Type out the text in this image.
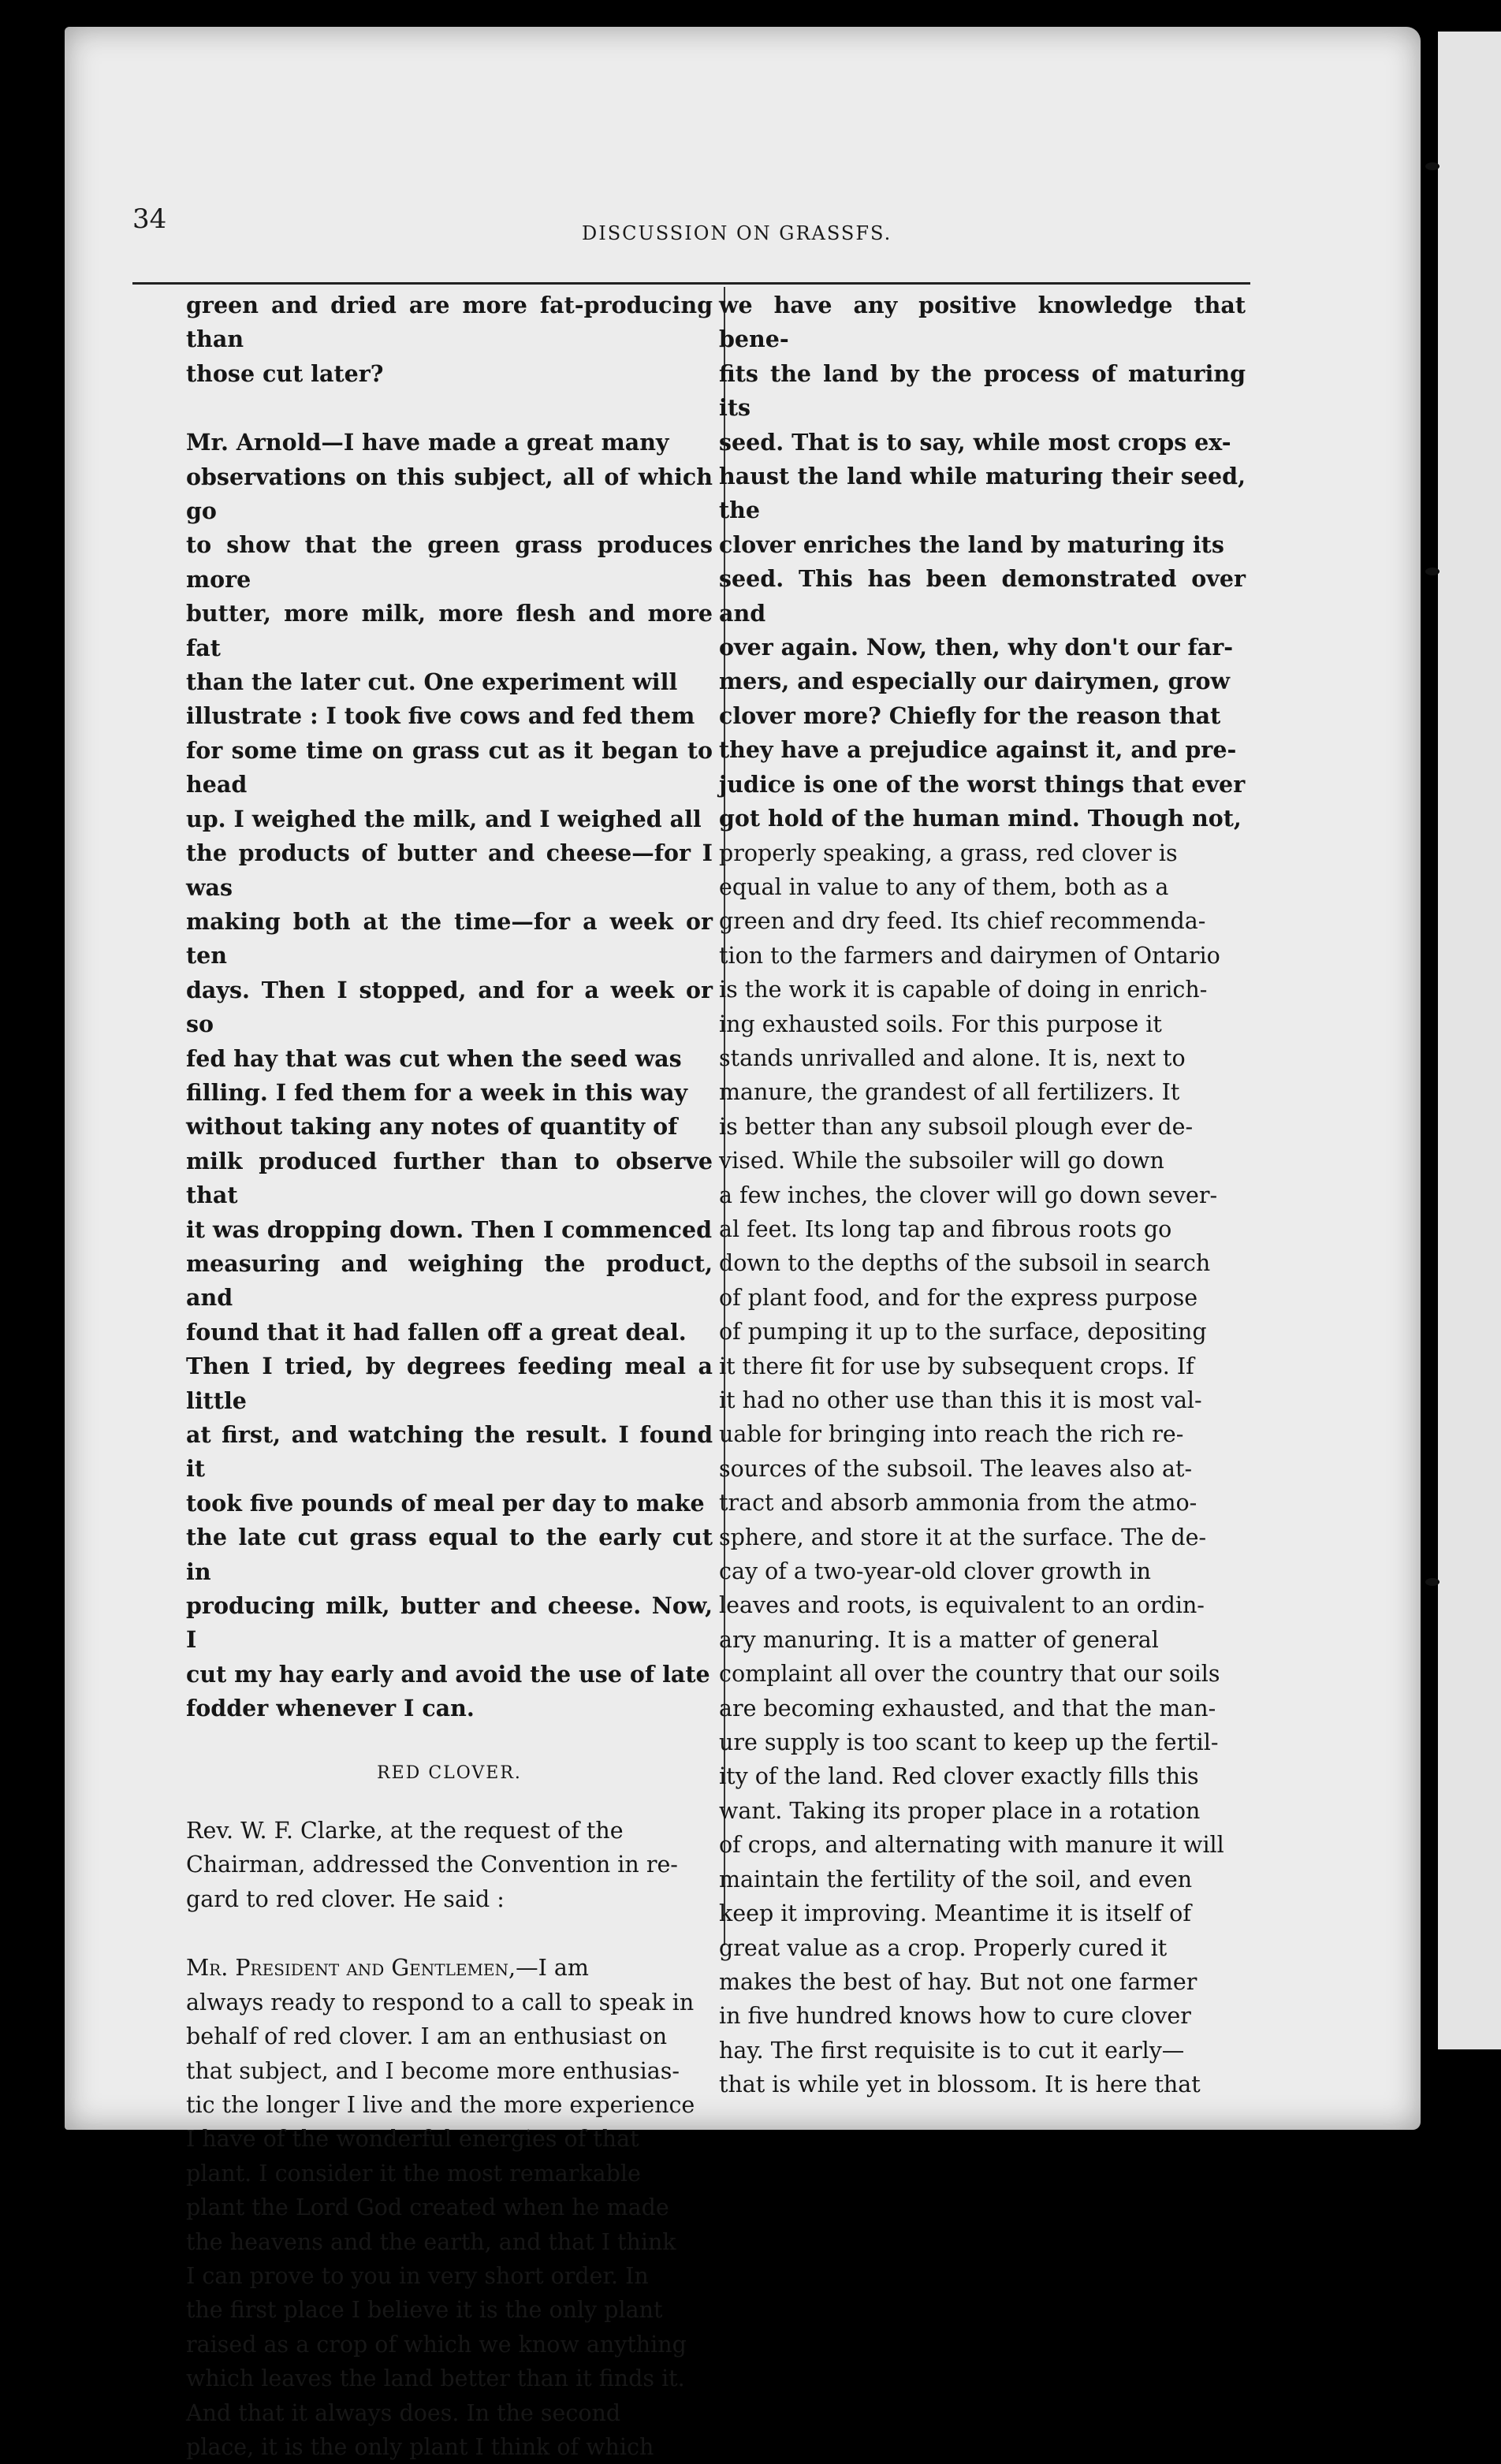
34	DISCUSSION ON GRASSFS.

green and dried are more fat-producing than
those cut later?

Mr. Arnold—I have made a great many
observations on this subject, all of which go
to show that the green grass produces more
butter, more milk, more flesh and more fat
than the later cut. One experiment will
illustrate : I took five cows and fed them
for some time on grass cut as it began to head
up. I weighed the milk, and I weighed all
the products of butter and cheese—for I was
making both at the time—for a week or ten
days. Then I stopped, and for a week or so
fed hay that was cut when the seed was
filling. I fed them for a week in this way
without taking any notes of quantity of
milk produced further than to observe that
it was dropping down. Then I commenced
measuring and weighing the product, and
found that it had fallen off a great deal.
Then I tried, by degrees feeding meal a little
at first, and watching the result. I found it
took five pounds of meal per day to make
the late cut grass equal to the early cut in
producing milk, butter and cheese. Now, I
cut my hay early and avoid the use of late
fodder whenever I can.

RED CLOVER.

Rev. W. F. Clarke, at the request of the
Chairman, addressed the Convention in re-
gard to red clover. He said :

Mr. President and Gentlemen,—I am
always ready to respond to a call to speak in
behalf of red clover. I am an enthusiast on
that subject, and I become more enthusias-
tic the longer I live and the more experience
I have of the wonderful energies of that
plant. I consider it the most remarkable
plant the Lord God created when he made
the heavens and the earth, and that I think
I can prove to you in very short order. In
the first place I believe it is the only plant
raised as a crop of which we know anything
which leaves the land better than it finds it.
And that it always does. In the second
place, it is the only plant I think of which

we have any positive knowledge that bene-
fits the land by the process of maturing its
seed. That is to say, while most crops ex-
haust the land while maturing their seed, the
clover enriches the land by maturing its
seed. This has been demonstrated over and
over again. Now, then, why don't our far-
mers, and especially our dairymen, grow
clover more? Chiefly for the reason that
they have a prejudice against it, and pre-
judice is one of the worst things that ever
got hold of the human mind. Though not,
properly speaking, a grass, red clover is
equal in value to any of them, both as a
green and dry feed. Its chief recommenda-
tion to the farmers and dairymen of Ontario
is the work it is capable of doing in enrich-
ing exhausted soils. For this purpose it
stands unrivalled and alone. It is, next to
manure, the grandest of all fertilizers. It
is better than any subsoil plough ever de-
vised. While the subsoiler will go down
a few inches, the clover will go down sever-
al feet. Its long tap and fibrous roots go
down to the depths of the subsoil in search
of plant food, and for the express purpose
of pumping it up to the surface, depositing
it there fit for use by subsequent crops. If
it had no other use than this it is most val-
uable for bringing into reach the rich re-
sources of the subsoil. The leaves also at-
tract and absorb ammonia from the atmo-
sphere, and store it at the surface. The de-
cay of a two-year-old clover growth in
leaves and roots, is equivalent to an ordin-
ary manuring. It is a matter of general
complaint all over the country that our soils
are becoming exhausted, and that the man-
ure supply is too scant to keep up the fertil-
ity of the land. Red clover exactly fills this
want. Taking its proper place in a rotation
of crops, and alternating with manure it will
maintain the fertility of the soil, and even
keep it improving. Meantime it is itself of
great value as a crop. Properly cured it
makes the best of hay. But not one farmer
in five hundred knows how to cure clover
hay. The first requisite is to cut it early—
that is while yet in blossom. It is here that
